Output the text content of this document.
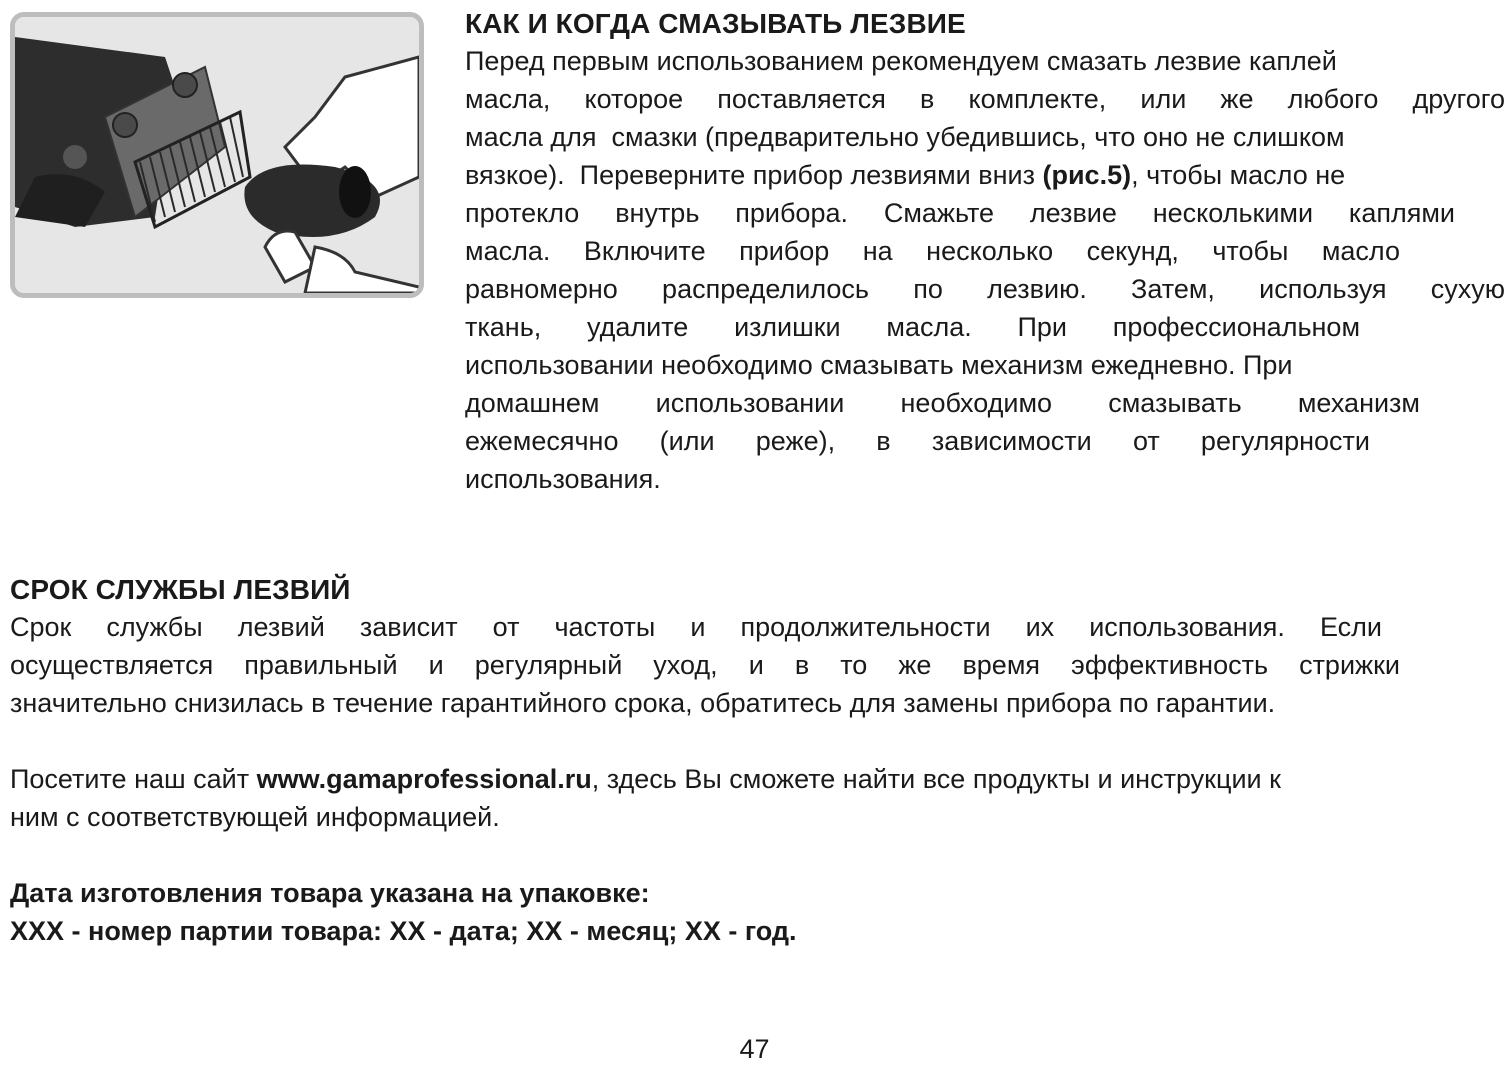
КАК И КОГДА СМАЗЫВАТЬ ЛЕЗВИЕ
Перед первым использованием рекомендуем смазать лезвие каплей
масла, которое поставляется в комплекте, или же любого другого
масла для  смазки (предварительно убедившись, что оно не слишком
вязкое).  Переверните прибор лезвиями вниз (рис.5), чтобы масло не
протекло внутрь прибора. Смажьте лезвие несколькими каплями
масла. Включите прибор на несколько секунд, чтобы масло
равномерно распределилось по лезвию. Затем, используя сухую
ткань, удалите излишки масла. При профессиональном
использовании необходимо смазывать механизм ежедневно. При
домашнем использовании необходимо смазывать механизм
ежемесячно (или реже), в зависимости от регулярности
использования.
СРОК СЛУЖБЫ ЛЕЗВИЙ
Срок службы лезвий зависит от частоты и продолжительности их использования. Если
осуществляется правильный и регулярный уход, и в то же время эффективность стрижки
значительно снизилась в течение гарантийного срока, обратитесь для замены прибора по гарантии.
Посетите наш сайт www.gamaprofessional.ru, здесь Вы сможете найти все продукты и инструкции к
ним с соответствующей информацией.
Дата изготовления товара указана на упаковке:
XXX - номер партии товара: XX - дата; XX - месяц; XX - год.
47
